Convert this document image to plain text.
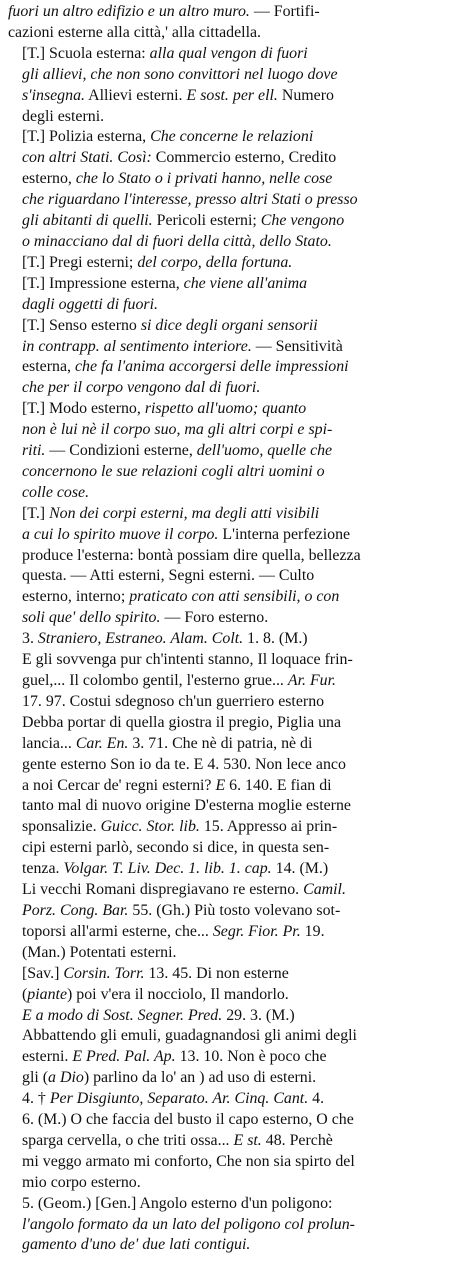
fuori un altro edifizio e un altro muro. — Fortifi-
cazioni esterne alla città,' alla cittadella.
[T.] Scuola esterna: alla qual vengon di fuori
gli allievi, che non sono convittori nel luogo dove
s'insegna. Allievi esterni. E sost. per ell. Numero
degli esterni.
[T.] Polizia esterna, Che concerne le relazioni
con altri Stati. Così: Commercio esterno, Credito
esterno, che lo Stato o i privati hanno, nelle cose
che riguardano l'interesse, presso altri Stati o presso
gli abitanti di quelli. Pericoli esterni; Che vengono
o minacciano dal di fuori della città, dello Stato.
[T.] Pregi esterni; del corpo, della fortuna.
[T.] Impressione esterna, che viene all'anima
dagli oggetti di fuori.
[T.] Senso esterno si dice degli organi sensorii
in contrapp. al sentimento interiore. — Sensitività
esterna, che fa l'anima accorgersi delle impressioni
che per il corpo vengono dal di fuori.
[T.] Modo esterno, rispetto all'uomo; quanto
non è lui nè il corpo suo, ma gli altri corpi e spi-
riti. — Condizioni esterne, dell'uomo, quelle che
concernono le sue relazioni cogli altri uomini o
colle cose.
[T.] Non dei corpi esterni, ma degli atti visibili
a cui lo spirito muove il corpo. L'interna perfezione
produce l'esterna: bontà possiam dire quella, bellezza
questa. — Atti esterni, Segni esterni. — Culto
esterno, interno; praticato con atti sensibili, o con
soli que' dello spirito. — Foro esterno.
3. Straniero, Estraneo. Alam. Colt. 1. 8. (M.)
E gli sovvenga pur ch'intenti stanno, Il loquace frin-
guel,... Il colombo gentil, l'esterno grue... Ar. Fur.
17. 97. Costui sdegnoso ch'un guerriero esterno
Debba portar di quella giostra il pregio, Piglia una
lancia... Car. En. 3. 71. Che nè di patria, nè di
gente esterno Son io da te. E 4. 530. Non lece anco
a noi Cercar de' regni esterni? E 6. 140. E fian di
tanto mal di nuovo origine D'esterna moglie esterne
sponsalizie. Guicc. Stor. lib. 15. Appresso ai prin-
cipi esterni parlò, secondo si dice, in questa sen-
tenza. Volgar. T. Liv. Dec. 1. lib. 1. cap. 14. (M.)
Li vecchi Romani dispregiavano re esterno. Camil.
Porz. Cong. Bar. 55. (Gh.) Più tosto volevano sot-
toporsi all'armi esterne, che... Segr. Fior. Pr. 19.
(Man.) Potentati esterni.
[Sav.] Corsin. Torr. 13. 45. Di non esterne
(piante) poi v'era il nocciolo, Il mandorlo.
E a modo di Sost. Segner. Pred. 29. 3. (M.)
Abbattendo gli emuli, guadagnandosi gli animi degli
esterni. E Pred. Pal. Ap. 13. 10. Non è poco che
gli (a Dio) parlino da lo' an ) ad uso di esterni.
4. † Per Disgiunto, Separato. Ar. Cinq. Cant. 4.
6. (M.) O che faccia del busto il capo esterno, O che
sparga cervella, o che triti ossa... E st. 48. Perchè
mi veggo armato mi conforto, Che non sia spirto del
mio corpo esterno.
5. (Geom.) [Gen.] Angolo esterno d'un poligono:
l'angolo formato da un lato del poligono col prolun-
gamento d'uno de' due lati contigui.
